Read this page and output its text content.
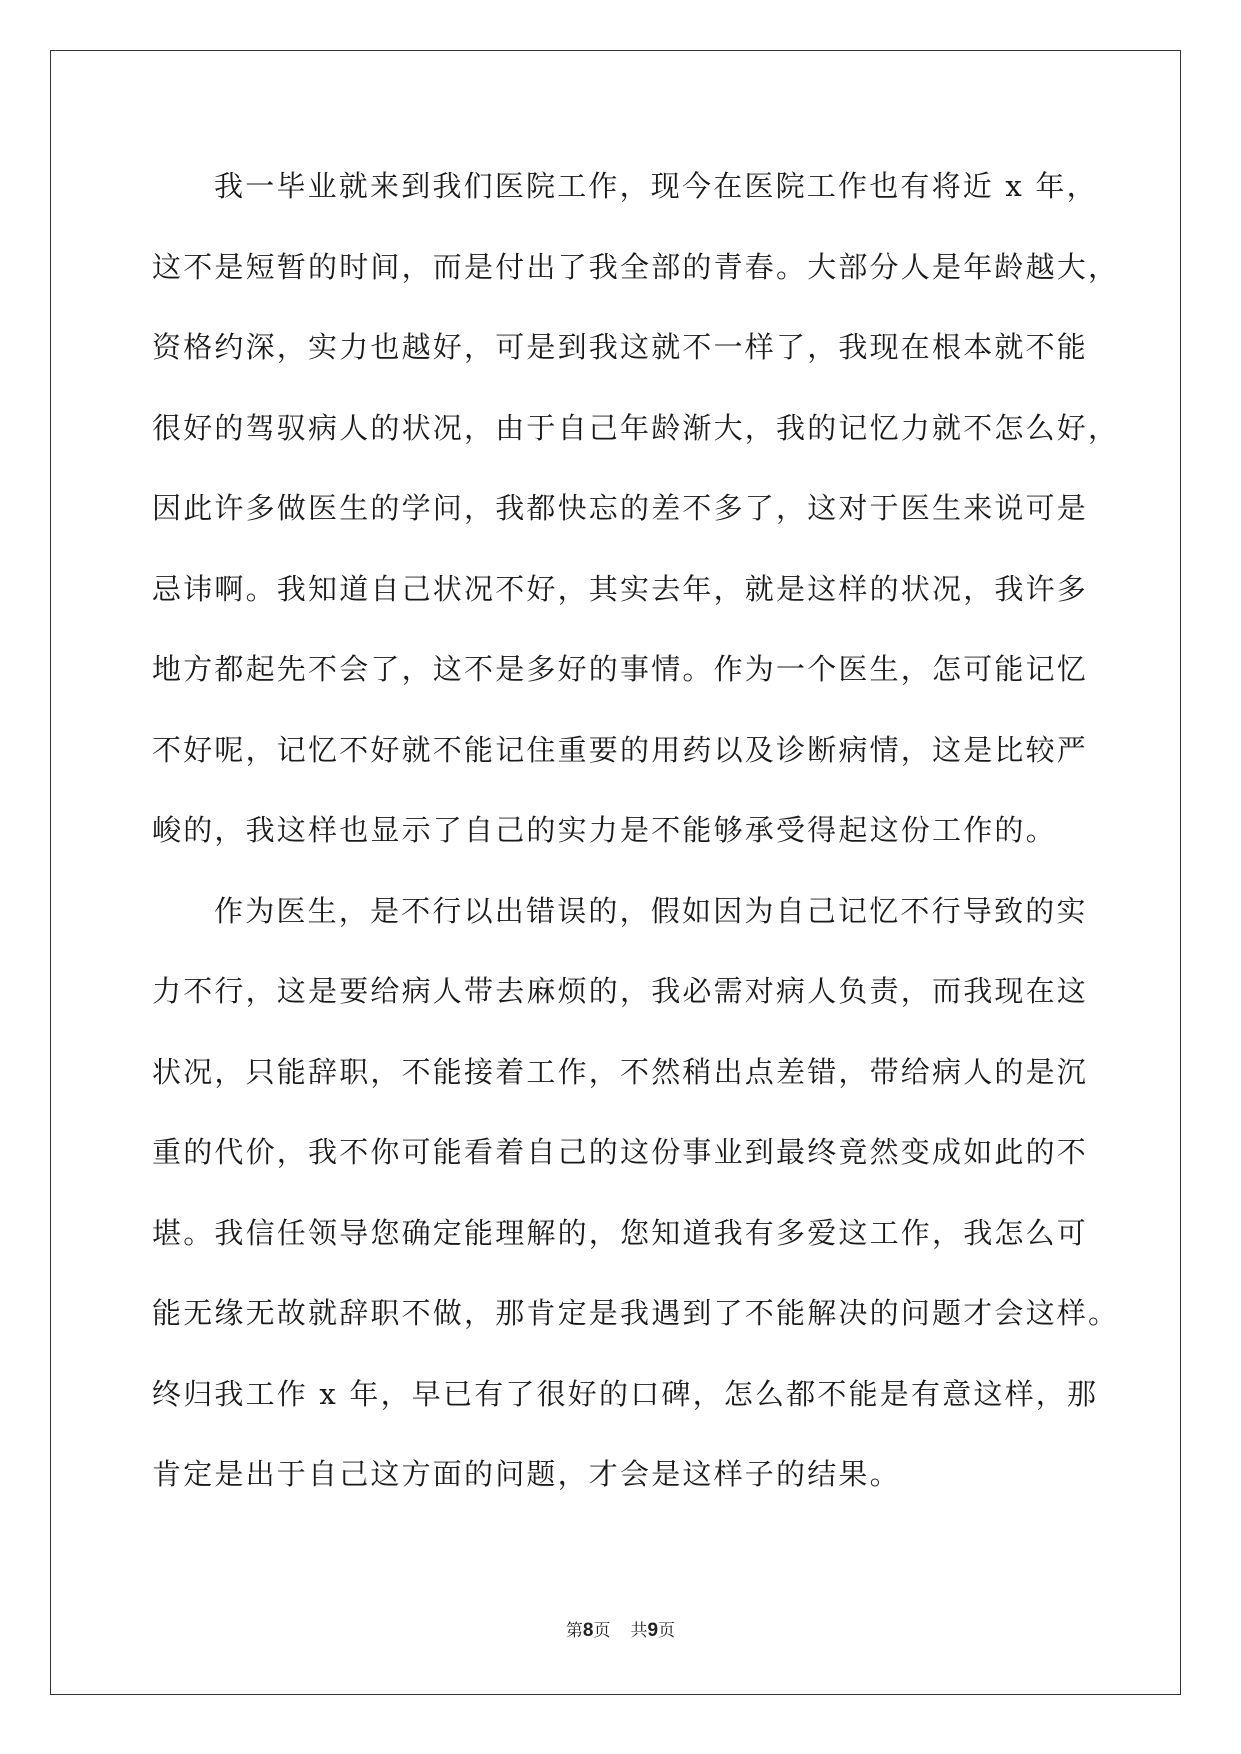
我一毕业就来到我们医院工作，现今在医院工作也有将近 x 年，
这不是短暂的时间，而是付出了我全部的青春。大部分人是年龄越大，
资格约深，实力也越好，可是到我这就不一样了，我现在根本就不能
很好的驾驭病人的状况，由于自己年龄渐大，我的记忆力就不怎么好，
因此许多做医生的学问，我都快忘的差不多了，这对于医生来说可是
忌讳啊。我知道自己状况不好，其实去年，就是这样的状况，我许多
地方都起先不会了，这不是多好的事情。作为一个医生，怎可能记忆
不好呢，记忆不好就不能记住重要的用药以及诊断病情，这是比较严
峻的，我这样也显示了自己的实力是不能够承受得起这份工作的。
作为医生，是不行以出错误的，假如因为自己记忆不行导致的实
力不行，这是要给病人带去麻烦的，我必需对病人负责，而我现在这
状况，只能辞职，不能接着工作，不然稍出点差错，带给病人的是沉
重的代价，我不你可能看着自己的这份事业到最终竟然变成如此的不
堪。我信任领导您确定能理解的，您知道我有多爱这工作，我怎么可
能无缘无故就辞职不做，那肯定是我遇到了不能解决的问题才会这样。
终归我工作 x 年，早已有了很好的口碑，怎么都不能是有意这样，那
肯定是出于自己这方面的问题，才会是这样子的结果。
第8页 共9页
